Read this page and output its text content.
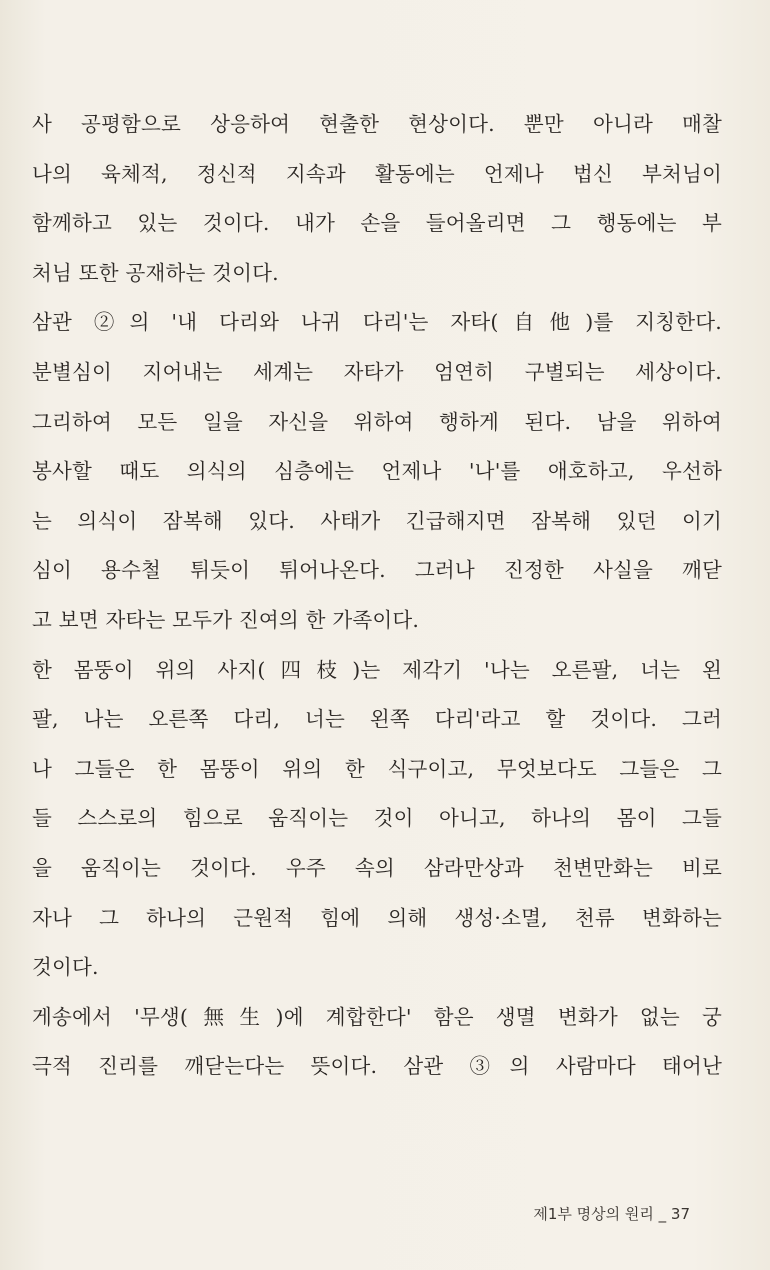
사 공평함으로 상응하여 현출한 현상이다. 뿐만 아니라 매찰
나의 육체적, 정신적 지속과 활동에는 언제나 법신 부처님이
함께하고 있는 것이다. 내가 손을 들어올리면 그 행동에는 부
처님 또한 공재하는 것이다.
삼관 ②의 '내 다리와 나귀 다리'는 자타(自他)를 지칭한다.
분별심이 지어내는 세계는 자타가 엄연히 구별되는 세상이다.
그리하여 모든 일을 자신을 위하여 행하게 된다. 남을 위하여
봉사할 때도 의식의 심층에는 언제나 '나'를 애호하고, 우선하
는 의식이 잠복해 있다. 사태가 긴급해지면 잠복해 있던 이기
심이 용수철 튀듯이 튀어나온다. 그러나 진정한 사실을 깨닫
고 보면 자타는 모두가 진여의 한 가족이다.
한 몸뚱이 위의 사지(四枝)는 제각기 '나는 오른팔, 너는 왼
팔, 나는 오른쪽 다리, 너는 왼쪽 다리'라고 할 것이다. 그러
나 그들은 한 몸뚱이 위의 한 식구이고, 무엇보다도 그들은 그
들 스스로의 힘으로 움직이는 것이 아니고, 하나의 몸이 그들
을 움직이는 것이다. 우주 속의 삼라만상과 천변만화는 비로
자나 그 하나의 근원적 힘에 의해 생성·소멸, 천류 변화하는
것이다.
게송에서 '무생(無生)에 계합한다' 함은 생멸 변화가 없는 궁
극적 진리를 깨닫는다는 뜻이다. 삼관 ③의 사람마다 태어난
제1부 명상의 원리 _ 37
